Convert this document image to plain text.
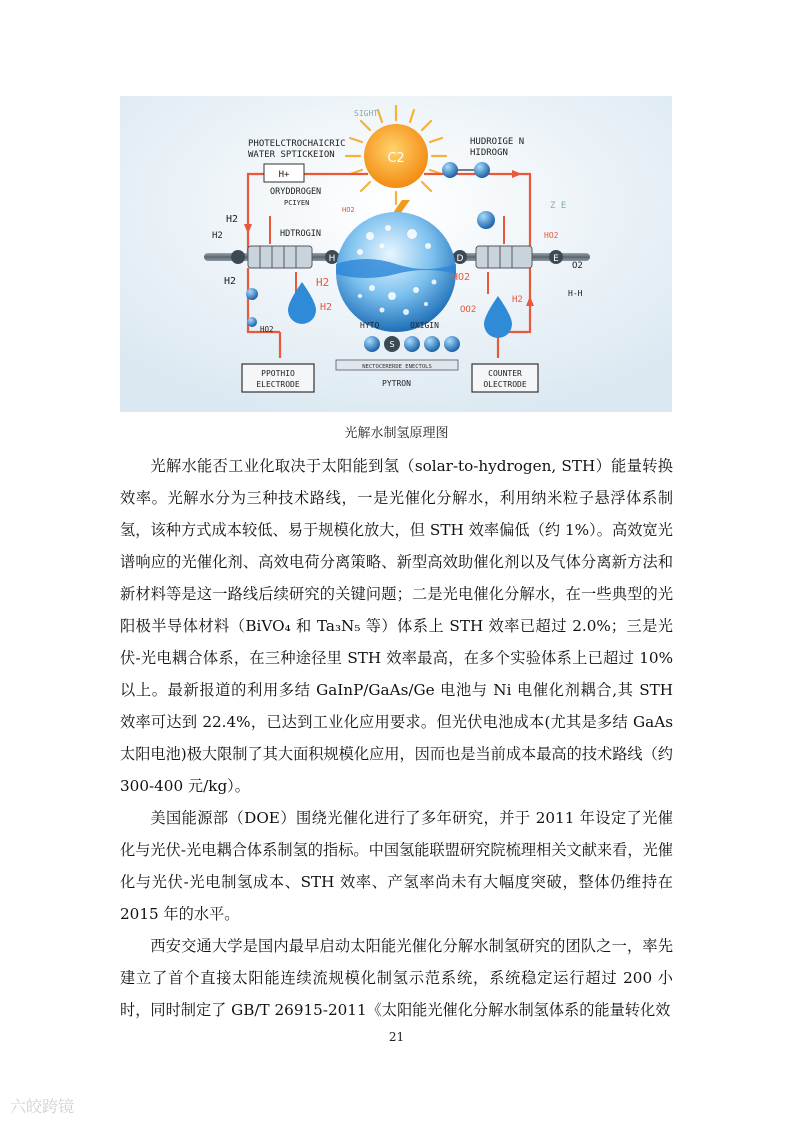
C2
D	E
H
S
H+
NECTOCERERDE ENECTOLS
PPOTHIO
ELECTRODE
COUNTER
OLECTRODE
SIGHT
PHOTELCTROCHAICRIC
WATER SPTICKEION
HUDROIGE N
HIDROGN
ORYDDROGEN
PCIYEN
H2
H2
H2
HO2
HDTROGIN
Z E
HO2
H2
H2
HO2
O2
H-H
OO2
H2
HO2	HYTQ	OXIGIN
PYTRON
光解水制氢原理图

光解水能否工业化取决于太阳能到氢（solar-to-hydrogen, STH）能量转换效率。光解水分为三种技术路线，一是光催化分解水，利用纳米粒子悬浮体系制氢，该种方式成本较低、易于规模化放大，但 STH 效率偏低（约 1%）。高效宽光谱响应的光催化剂、高效电荷分离策略、新型高效助催化剂以及气体分离新方法和新材料等是这一路线后续研究的关键问题；二是光电催化分解水，在一些典型的光阳极半导体材料（BiVO₄ 和 Ta₃N₅ 等）体系上 STH 效率已超过 2.0%；三是光伏-光电耦合体系，在三种途径里 STH 效率最高，在多个实验体系上已超过 10% 以上。最新报道的利用多结 GaInP/GaAs/Ge 电池与 Ni 电催化剂耦合,其 STH 效率可达到 22.4%，已达到工业化应用要求。但光伏电池成本(尤其是多结 GaAs 太阳电池)极大限制了其大面积规模化应用，因而也是当前成本最高的技术路线（约 300-400 元/kg）。

美国能源部（DOE）围绕光催化进行了多年研究，并于 2011 年设定了光催化与光伏-光电耦合体系制氢的指标。中国氢能联盟研究院梳理相关文献来看，光催化与光伏-光电制氢成本、STH 效率、产氢率尚未有大幅度突破，整体仍维持在 2015 年的水平。

西安交通大学是国内最早启动太阳能光催化分解水制氢研究的团队之一，率先建立了首个直接太阳能连续流规模化制氢示范系统，系统稳定运行超过 200 小时，同时制定了 GB/T 26915-2011《太阳能光催化分解水制氢体系的能量转化效

21
六皎跨镜
